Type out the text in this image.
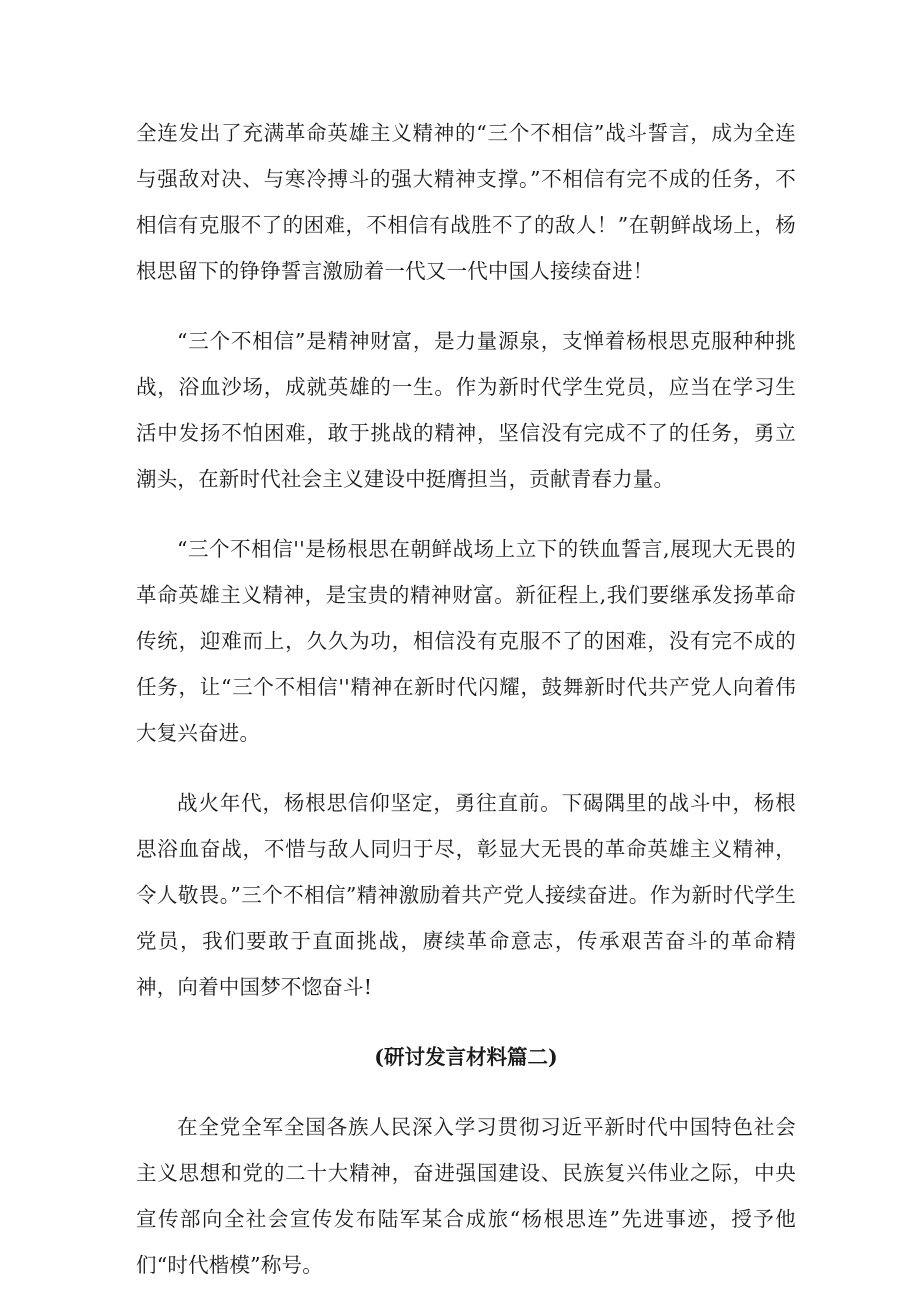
全连发出了充满革命英雄主义精神的“三个不相信”战斗誓言，成为全连与强敌对决、与寒冷搏斗的强大精神支撑。”不相信有完不成的任务，不相信有克服不了的困难，不相信有战胜不了的敌人！”在朝鲜战场上，杨根思留下的铮铮誓言激励着一代又一代中国人接续奋进！

“三个不相信”是精神财富，是力量源泉，支惮着杨根思克服种种挑战，浴血沙场，成就英雄的一生。作为新时代学生党员，应当在学习生活中发扬不怕困难，敢于挑战的精神，坚信没有完成不了的任务，勇立潮头，在新时代社会主义建设中挺膺担当，贡献青春力量。

“三个不相信''是杨根思在朝鲜战场上立下的铁血誓言,展现大无畏的革命英雄主义精神，是宝贵的精神财富。新征程上,我们要继承发扬革命传统，迎难而上，久久为功，相信没有克服不了的困难，没有完不成的任务，让“三个不相信''精神在新时代闪耀，鼓舞新时代共产党人向着伟大复兴奋进。

战火年代，杨根思信仰坚定，勇往直前。下碣隅里的战斗中，杨根思浴血奋战，不惜与敌人同归于尽，彰显大无畏的革命英雄主义精神，令人敬畏。”三个不相信”精神激励着共产党人接续奋进。作为新时代学生党员，我们要敢于直面挑战，赓续革命意志，传承艰苦奋斗的革命精神，向着中国梦不惚奋斗!

(研讨发言材料篇二)

在全党全军全国各族人民深入学习贯彻习近平新时代中国特色社会主义思想和党的二十大精神，奋进强国建设、民族复兴伟业之际，中央宣传部向全社会宣传发布陆军某合成旅“杨根思连”先进事迹，授予他们“时代楷模”称号。
